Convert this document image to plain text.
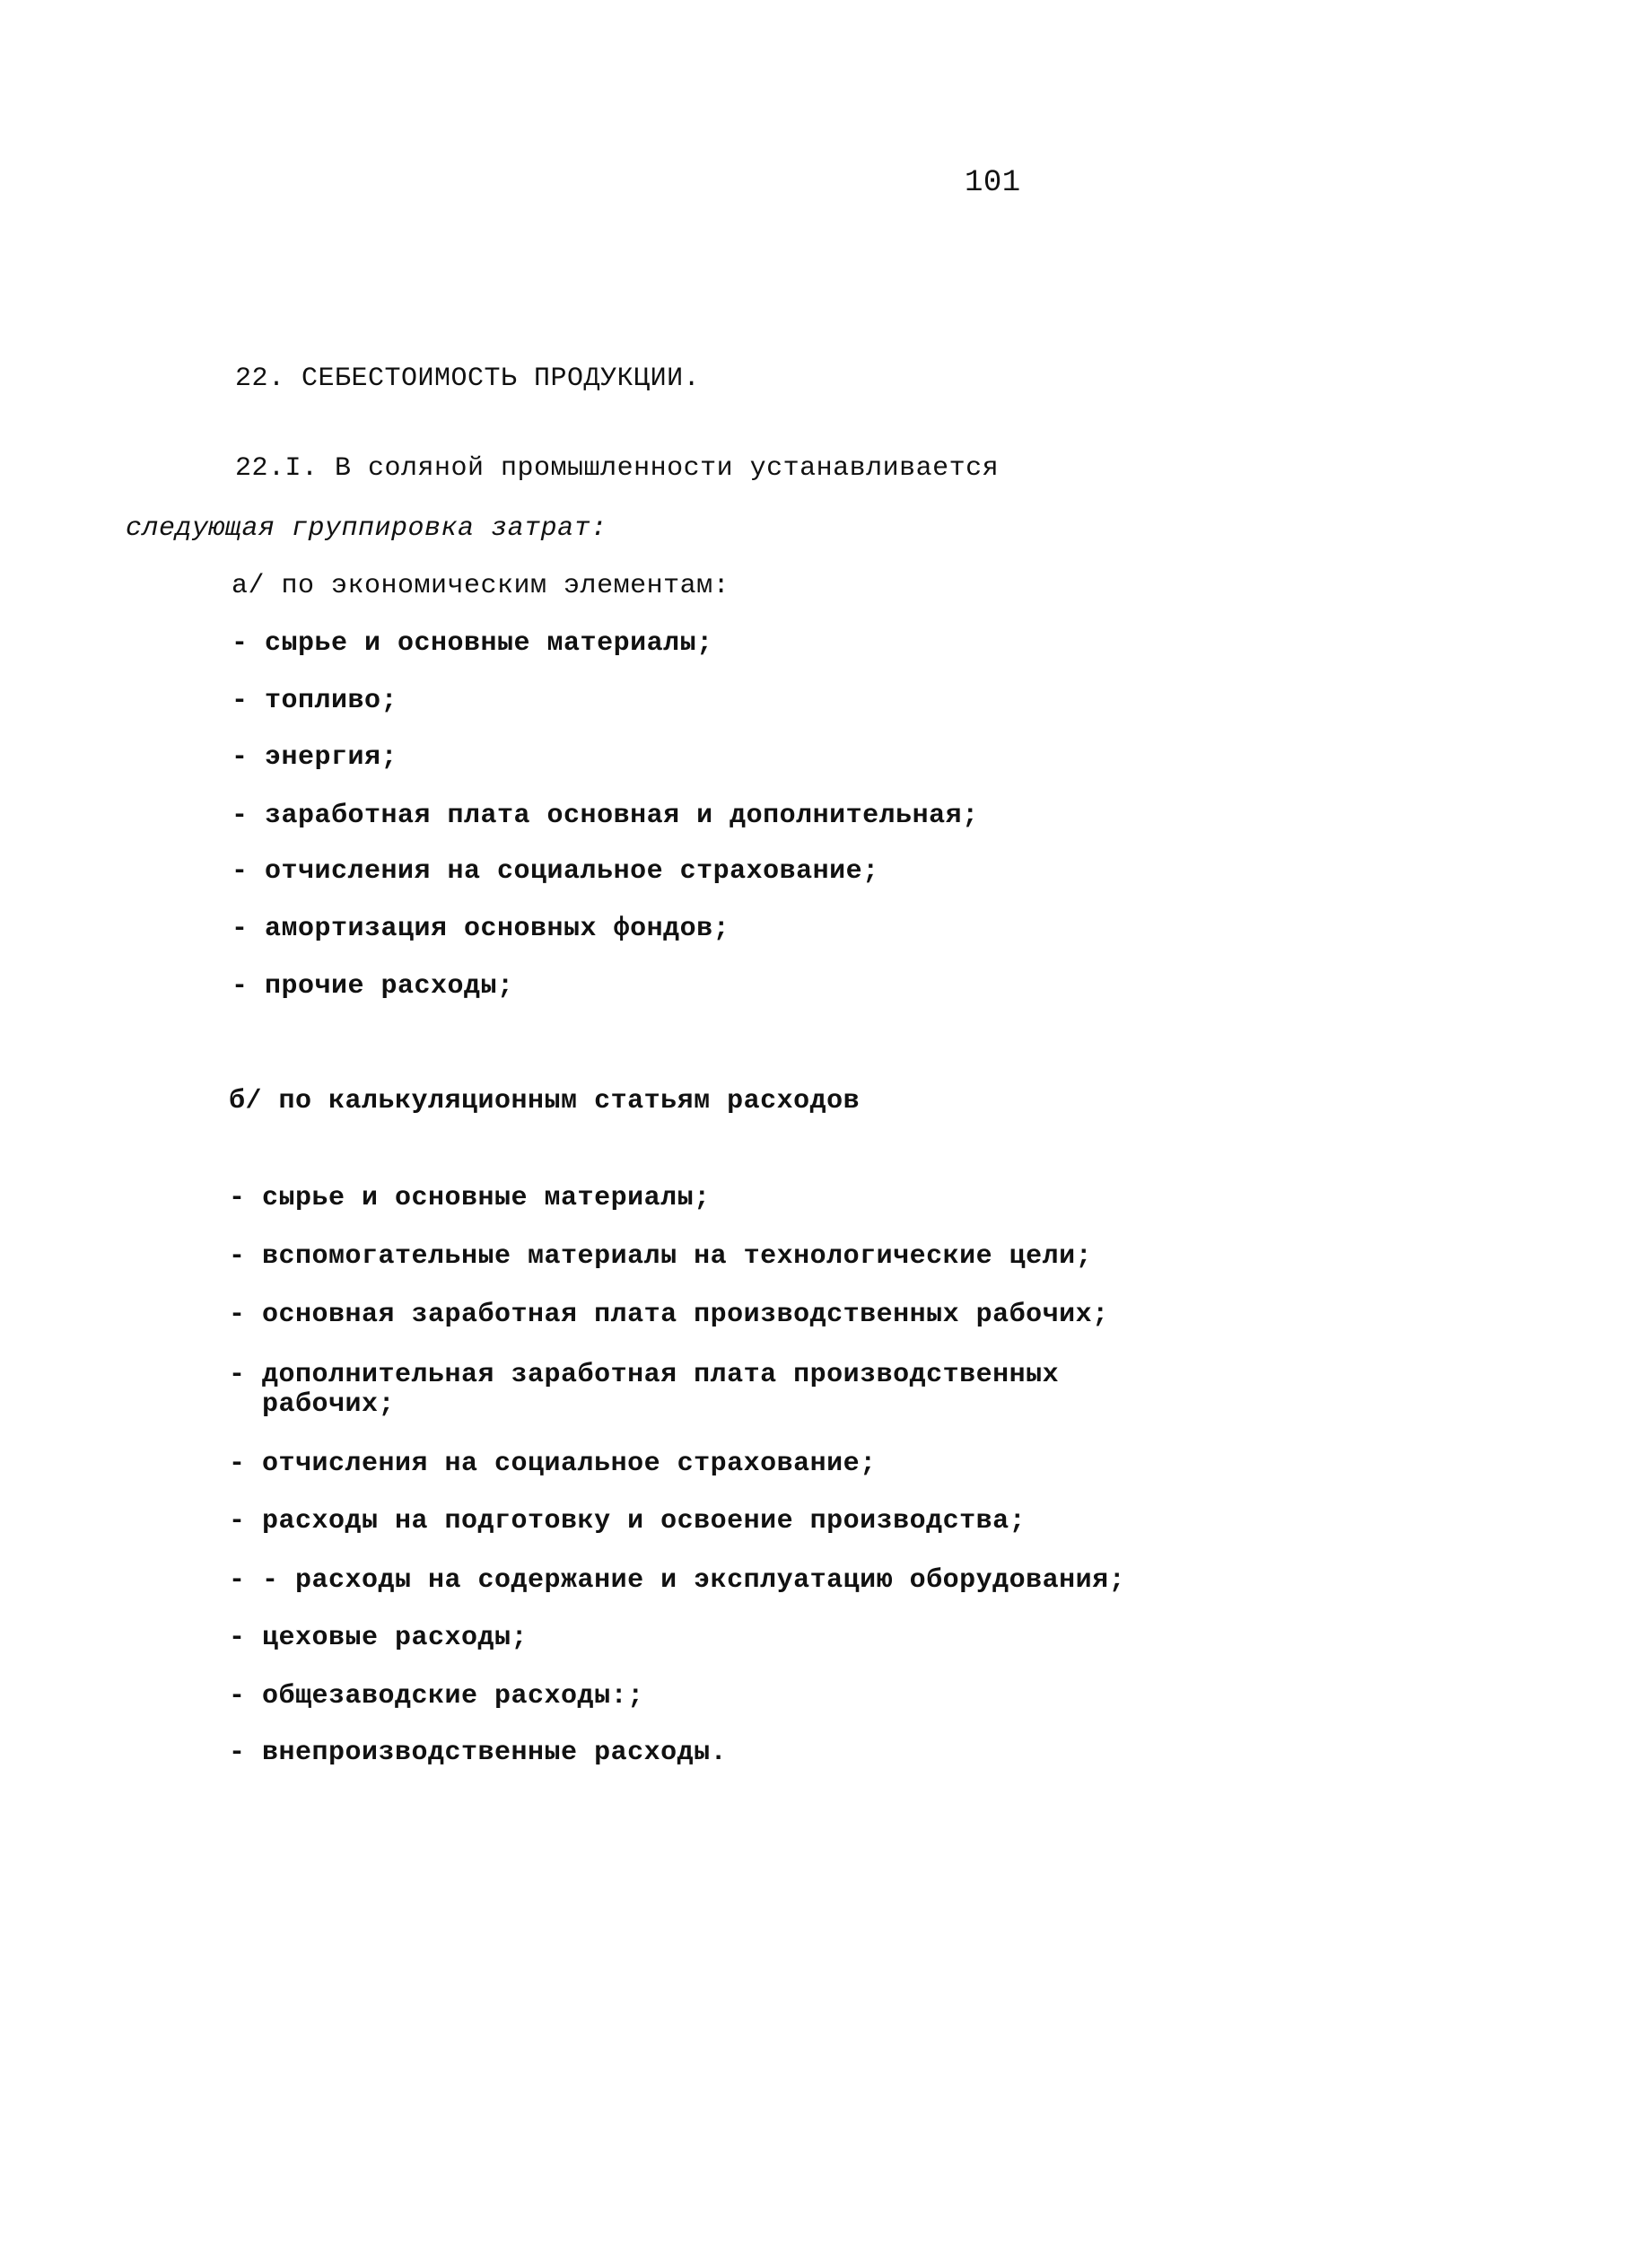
101
22. СЕБЕСТОИМОСТЬ ПРОДУКЦИИ.
22.I. В соляной промышленности устанавливается
следующая группировка затрат:
а/ по экономическим элементам:
- сырье и основные материалы;
- топливо;
- энергия;
- заработная плата основная и дополнительная;
- отчисления на социальное страхование;
- амортизация основных фондов;
- прочие расходы;
б/ по калькуляционным статьям расходов
- сырье и основные материалы;
- вспомогательные материалы на технологические цели;
- основная заработная плата производственных рабочих;
- дополнительная заработная плата производственных
рабочих;
- отчисления на социальное страхование;
- расходы на подготовку и освоение производства;
- - расходы на содержание и эксплуатацию оборудования;
- цеховые расходы;
- общезаводские расходы:;
- внепроизводственные расходы.
